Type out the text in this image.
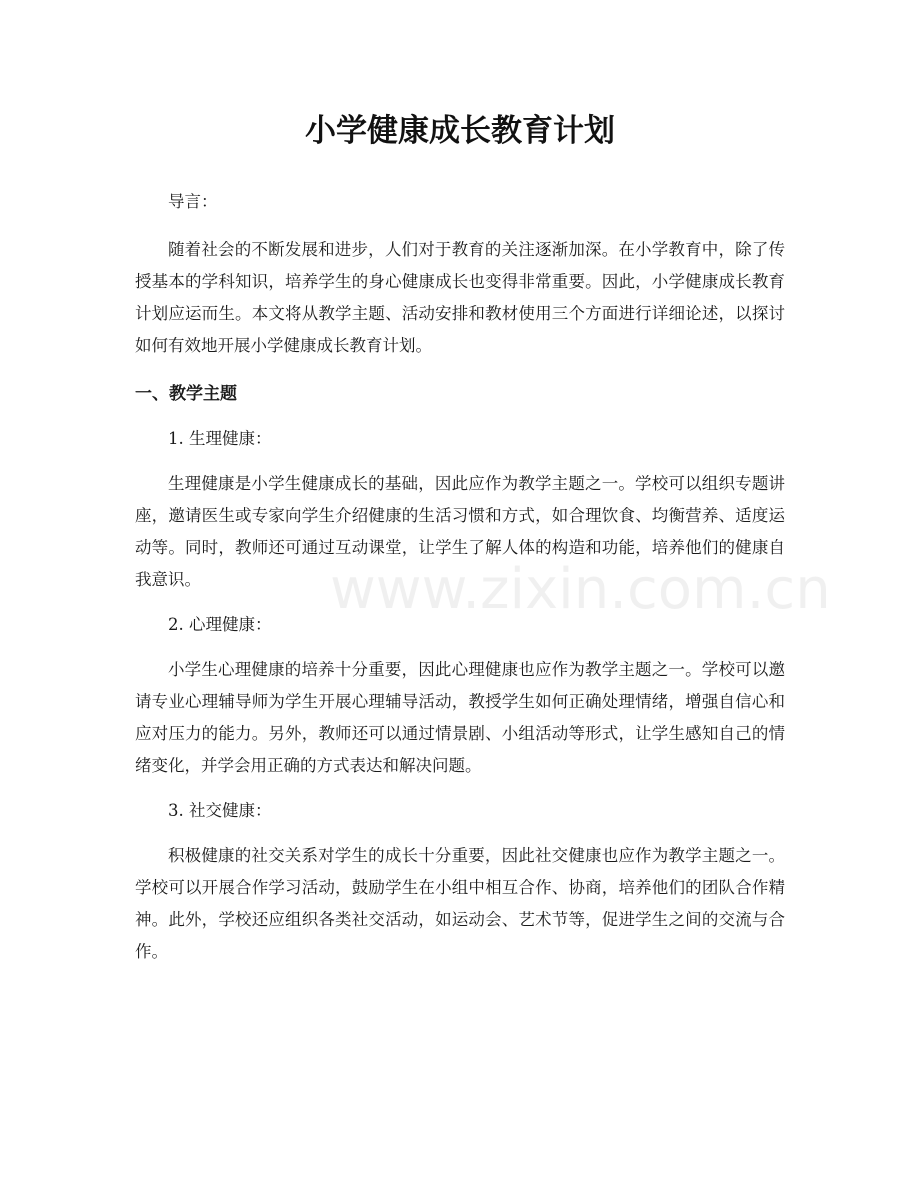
小学健康成长教育计划

导言：

随着社会的不断发展和进步，人们对于教育的关注逐渐加深。在小学教育中，除了传授基本的学科知识，培养学生的身心健康成长也变得非常重要。因此，小学健康成长教育计划应运而生。本文将从教学主题、活动安排和教材使用三个方面进行详细论述，以探讨如何有效地开展小学健康成长教育计划。

一、教学主题

1. 生理健康：

生理健康是小学生健康成长的基础，因此应作为教学主题之一。学校可以组织专题讲座，邀请医生或专家向学生介绍健康的生活习惯和方式，如合理饮食、均衡营养、适度运动等。同时，教师还可通过互动课堂，让学生了解人体的构造和功能，培养他们的健康自我意识。

2. 心理健康：

小学生心理健康的培养十分重要，因此心理健康也应作为教学主题之一。学校可以邀请专业心理辅导师为学生开展心理辅导活动，教授学生如何正确处理情绪，增强自信心和应对压力的能力。另外，教师还可以通过情景剧、小组活动等形式，让学生感知自己的情绪变化，并学会用正确的方式表达和解决问题。

3. 社交健康：

积极健康的社交关系对学生的成长十分重要，因此社交健康也应作为教学主题之一。学校可以开展合作学习活动，鼓励学生在小组中相互合作、协商，培养他们的团队合作精神。此外，学校还应组织各类社交活动，如运动会、艺术节等，促进学生之间的交流与合作。

www.zixin.com.cn
